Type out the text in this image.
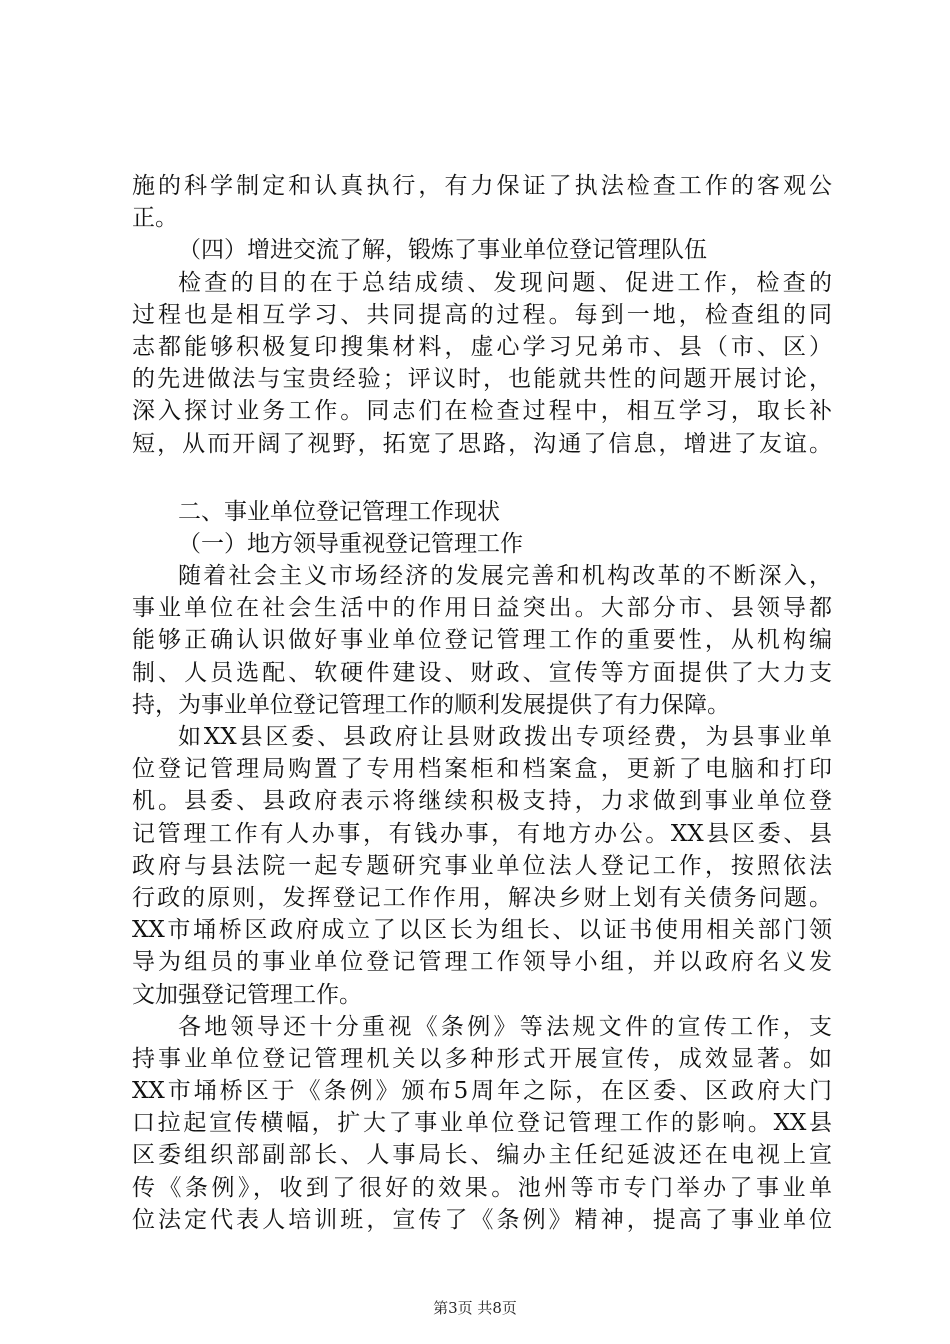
施的科学制定和认真执行，有力保证了执法检查工作的客观公
正。
（四）增进交流了解，锻炼了事业单位登记管理队伍
检查的目的在于总结成绩、发现问题、促进工作，检查的
过程也是相互学习、共同提高的过程。每到一地，检查组的同
志都能够积极复印搜集材料，虚心学习兄弟市、县（市、区）
的先进做法与宝贵经验；评议时，也能就共性的问题开展讨论，
深入探讨业务工作。同志们在检查过程中，相互学习，取长补
短，从而开阔了视野，拓宽了思路，沟通了信息，增进了友谊。
二、事业单位登记管理工作现状
（一）地方领导重视登记管理工作
随着社会主义市场经济的发展完善和机构改革的不断深入，
事业单位在社会生活中的作用日益突出。大部分市、县领导都
能够正确认识做好事业单位登记管理工作的重要性，从机构编
制、人员选配、软硬件建设、财政、宣传等方面提供了大力支
持，为事业单位登记管理工作的顺利发展提供了有力保障。
如XX县区委、县政府让县财政拨出专项经费，为县事业单
位登记管理局购置了专用档案柜和档案盒，更新了电脑和打印
机。县委、县政府表示将继续积极支持，力求做到事业单位登
记管理工作有人办事，有钱办事，有地方办公。XX县区委、县
政府与县法院一起专题研究事业单位法人登记工作，按照依法
行政的原则，发挥登记工作作用，解决乡财上划有关债务问题。
XX市埇桥区政府成立了以区长为组长、以证书使用相关部门领
导为组员的事业单位登记管理工作领导小组，并以政府名义发
文加强登记管理工作。
各地领导还十分重视《条例》等法规文件的宣传工作，支
持事业单位登记管理机关以多种形式开展宣传，成效显著。如
XX市埇桥区于《条例》颁布5周年之际，在区委、区政府大门
口拉起宣传横幅，扩大了事业单位登记管理工作的影响。XX县
区委组织部副部长、人事局长、编办主任纪延波还在电视上宣
传《条例》，收到了很好的效果。池州等市专门举办了事业单
位法定代表人培训班，宣传了《条例》精神，提高了事业单位
第3页 共8页
